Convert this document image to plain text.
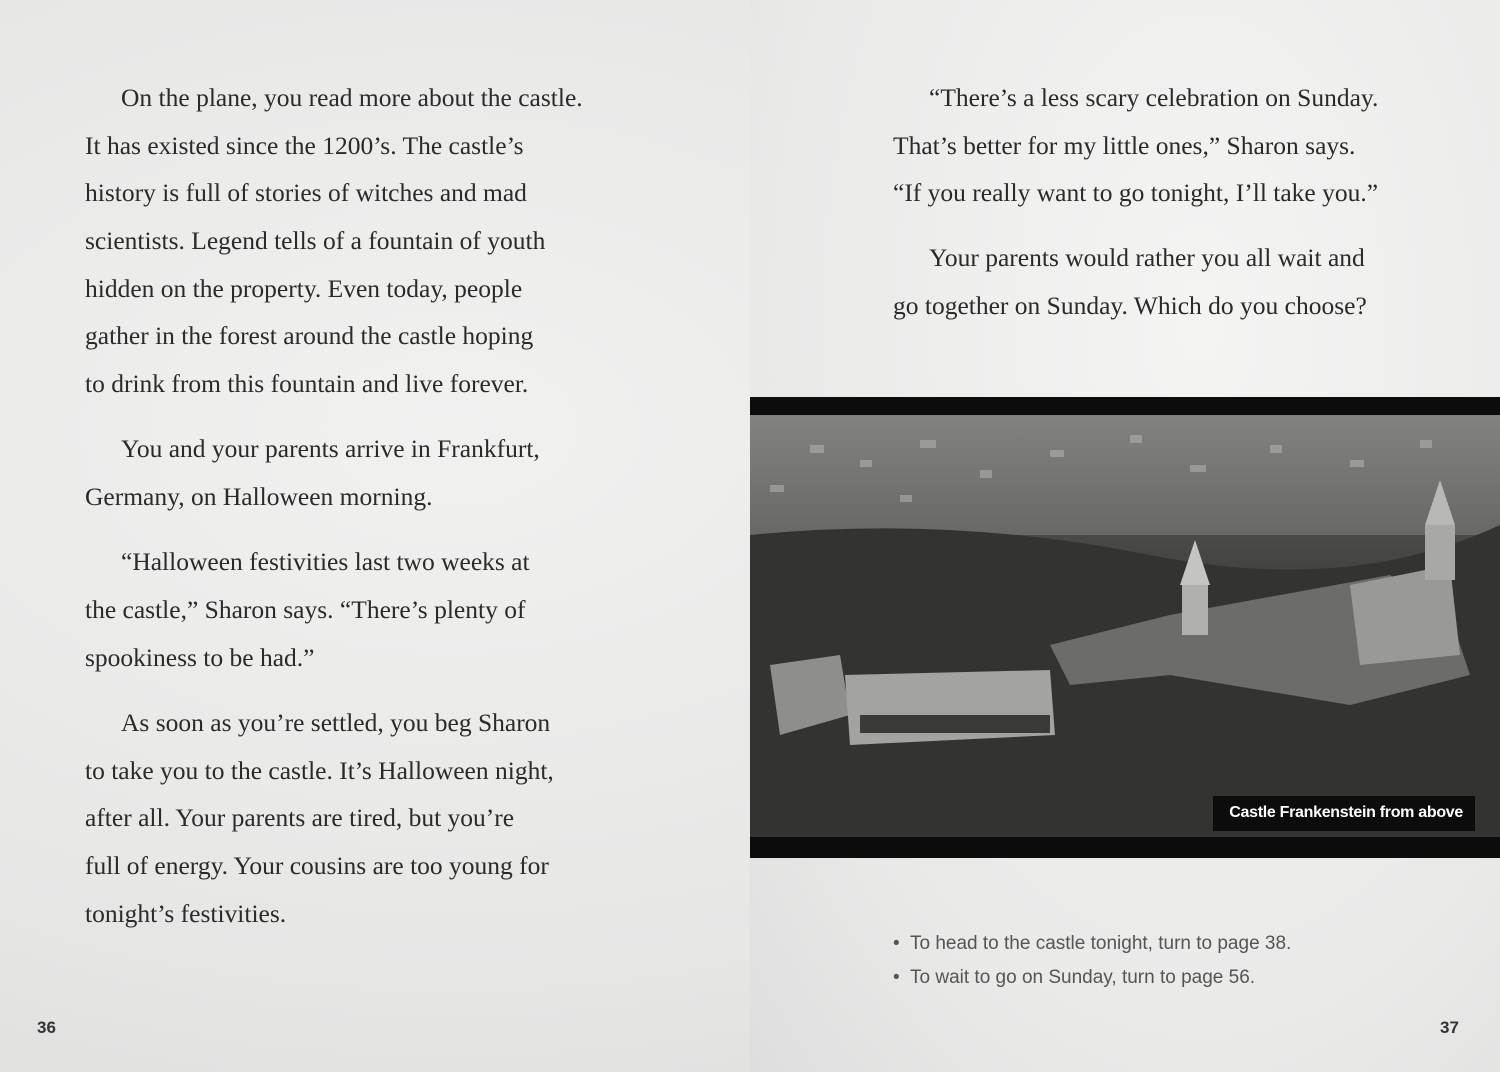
On the plane, you read more about the castle.
It has existed since the 1200’s. The castle’s
history is full of stories of witches and mad
scientists. Legend tells of a fountain of youth
hidden on the property. Even today, people
gather in the forest around the castle hoping
to drink from this fountain and live forever.
You and your parents arrive in Frankfurt,
Germany, on Halloween morning.
“Halloween festivities last two weeks at
the castle,” Sharon says. “There’s plenty of
spookiness to be had.”
As soon as you’re settled, you beg Sharon
to take you to the castle. It’s Halloween night,
after all. Your parents are tired, but you’re
full of energy. Your cousins are too young for
tonight’s festivities.
“There’s a less scary celebration on Sunday.
That’s better for my little ones,” Sharon says.
“If you really want to go tonight, I’ll take you.”
Your parents would rather you all wait and
go together on Sunday. Which do you choose?
Castle Frankenstein from above
• To head to the castle tonight, turn to page 38.
• To wait to go on Sunday, turn to page 56.
36	37
